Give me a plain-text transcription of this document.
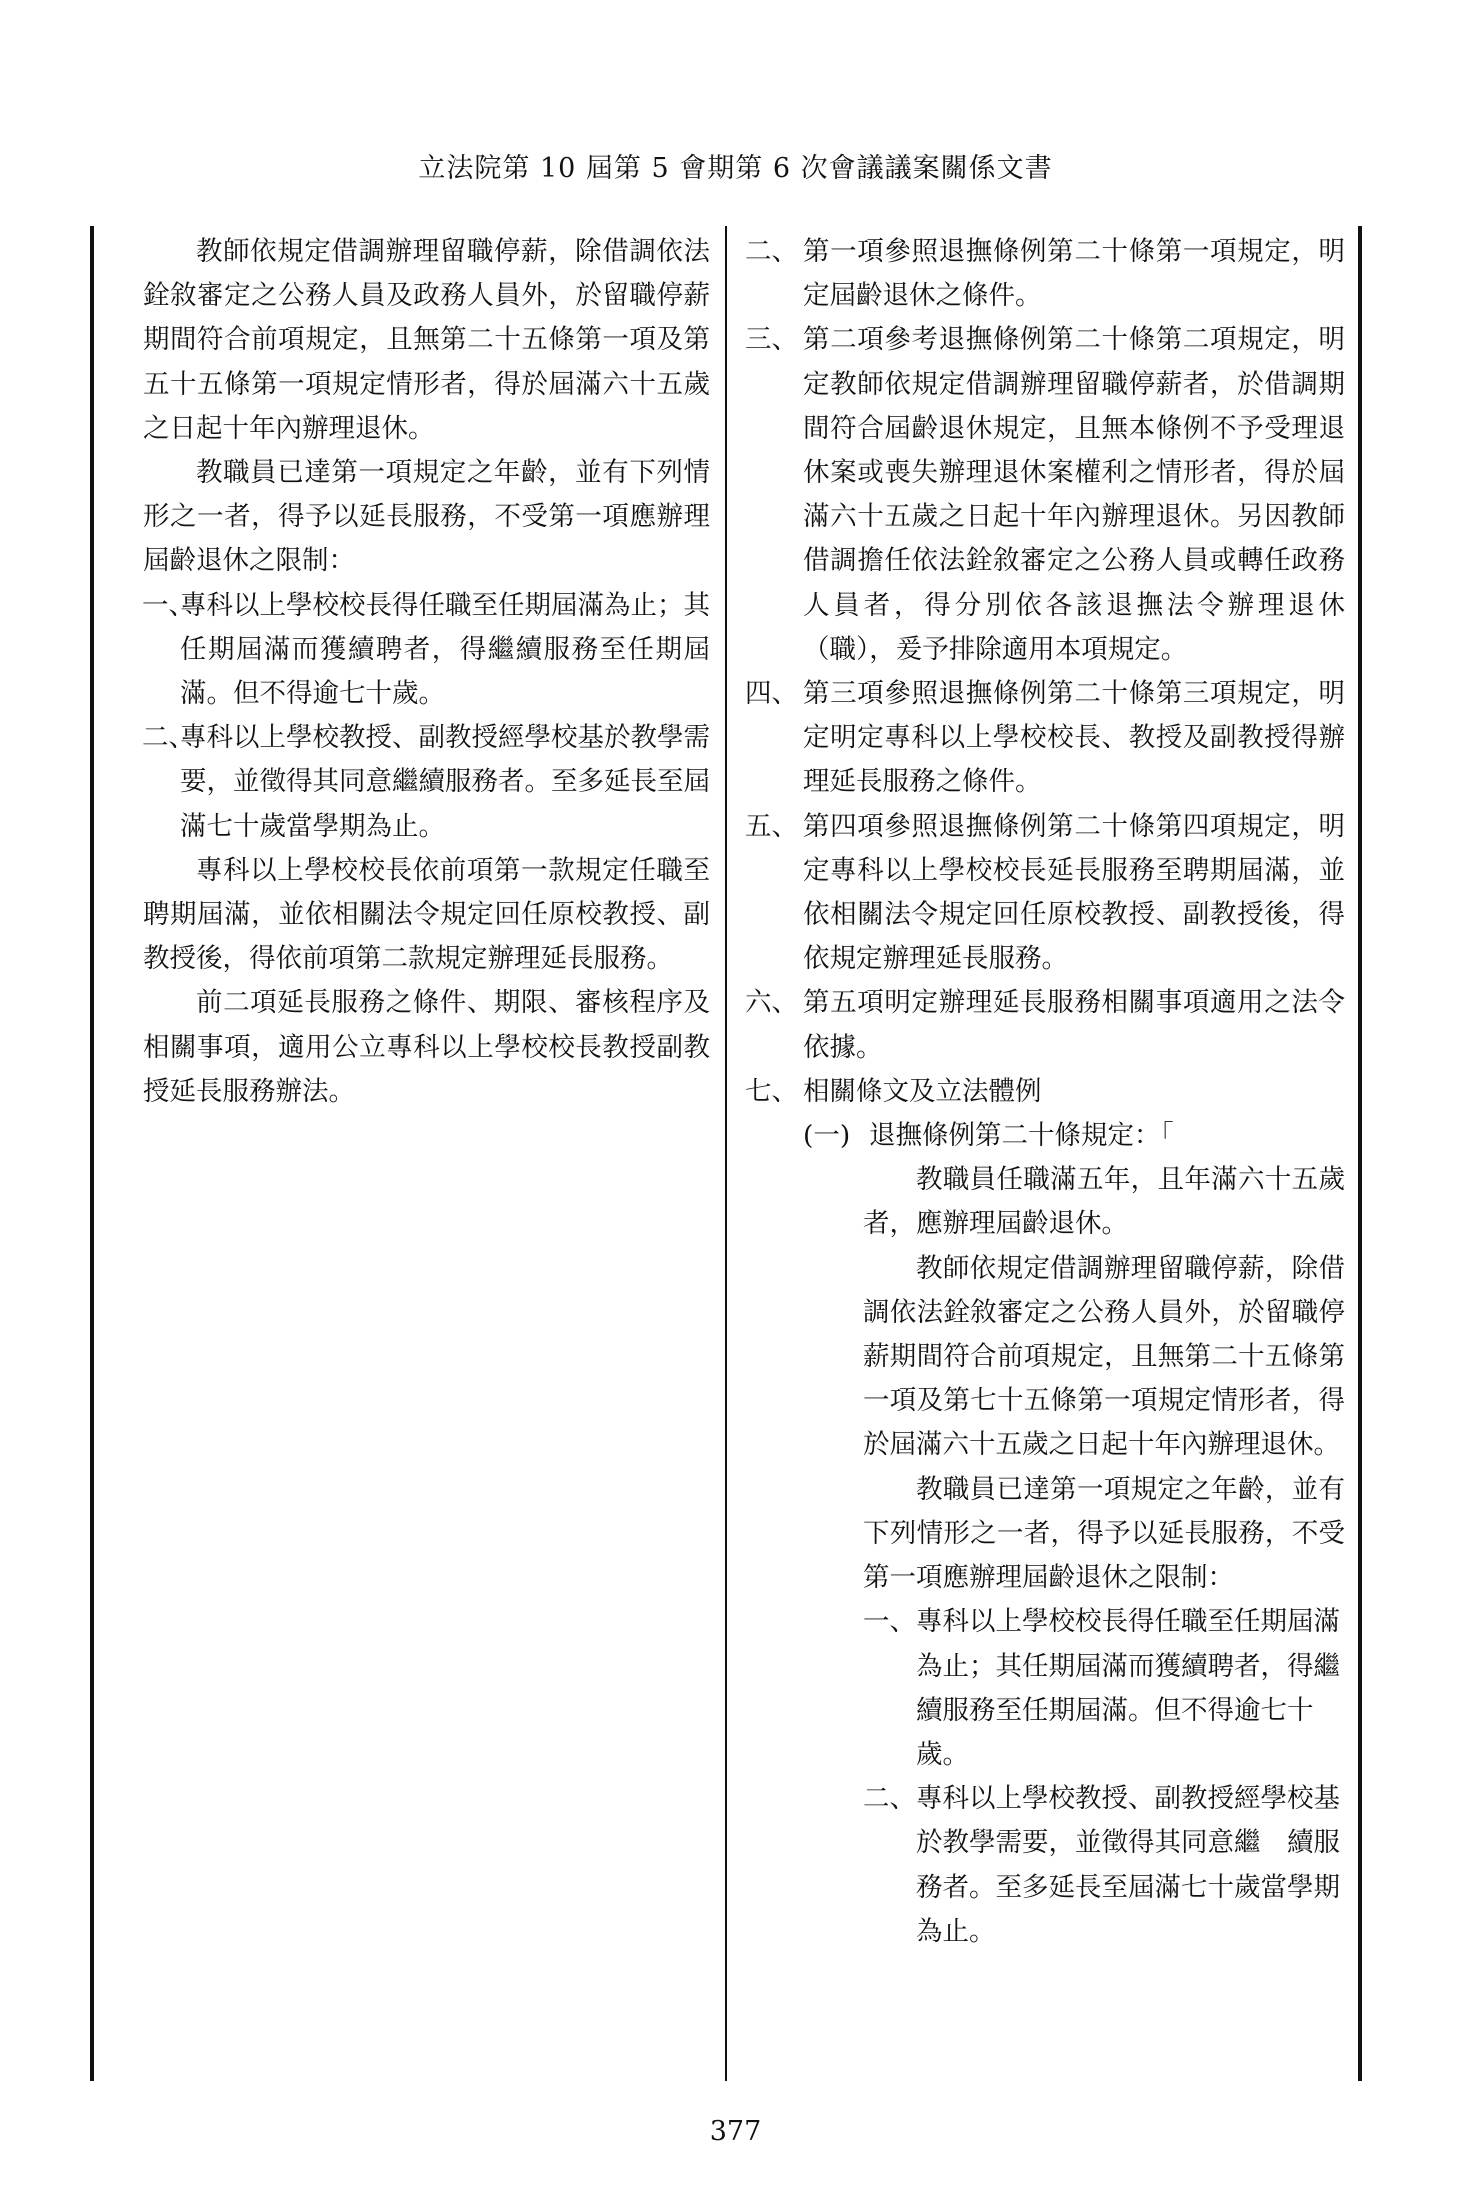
立法院第 10 屆第 5 會期第 6 次會議議案關係文書

教師依規定借調辦理留職停薪，除借調依法銓敘審定之公務人員及政務人員外，於留職停薪期間符合前項規定，且無第二十五條第一項及第五十五條第一項規定情形者，得於屆滿六十五歲之日起十年內辦理退休。

教職員已達第一項規定之年齡，並有下列情形之一者，得予以延長服務，不受第一項應辦理屆齡退休之限制：

一、
專科以上學校校長得任職至任期屆滿為止；其任期屆滿而獲續聘者，得繼續服務至任期屆滿。但不得逾七十歲。
二、
專科以上學校教授、副教授經學校基於教學需要，並徵得其同意繼續服務者。至多延長至屆滿七十歲當學期為止。

專科以上學校校長依前項第一款規定任職至聘期屆滿，並依相關法令規定回任原校教授、副教授後，得依前項第二款規定辦理延長服務。

前二項延長服務之條件、期限、審核程序及相關事項，適用公立專科以上學校校長教授副教授延長服務辦法。

二、 第一項參照退撫條例第二十條第一項規定，明定屆齡退休之條件。
三、 第二項參考退撫條例第二十條第二項規定，明定教師依規定借調辦理留職停薪者，於借調期間符合屆齡退休規定，且無本條例不予受理退休案或喪失辦理退休案權利之情形者，得於屆滿六十五歲之日起十年內辦理退休。另因教師借調擔任依法銓敘審定之公務人員或轉任政務人員者，得分別依各該退撫法令辦理退休（職），爰予排除適用本項規定。
四、 第三項參照退撫條例第二十條第三項規定，明定明定專科以上學校校長、教授及副教授得辦理延長服務之條件。
五、 第四項參照退撫條例第二十條第四項規定，明定專科以上學校校長延長服務至聘期屆滿，並依相關法令規定回任原校教授、副教授後，得依規定辦理延長服務。
六、 第五項明定辦理延長服務相關事項適用之法令依據。
七、 相關條文及立法體例
(一) 退撫條例第二十條規定：「

教職員任職滿五年，且年滿六十五歲者，應辦理屆齡退休。

教師依規定借調辦理留職停薪，除借調依法銓敘審定之公務人員外，於留職停薪期間符合前項規定，且無第二十五條第一項及第七十五條第一項規定情形者，得於屆滿六十五歲之日起十年內辦理退休。

教職員已達第一項規定之年齡，並有下列情形之一者，得予以延長服務，不受第一項應辦理屆齡退休之限制：

一、 專科以上學校校長得任職至任期屆滿為止；其任期屆滿而獲續聘者，得繼續服務至任期屆滿。但不得逾七十歲。
二、 專科以上學校教授、副教授經學校基於教學需要，並徵得其同意繼　續服務者。至多延長至屆滿七十歲當學期為止。
377
